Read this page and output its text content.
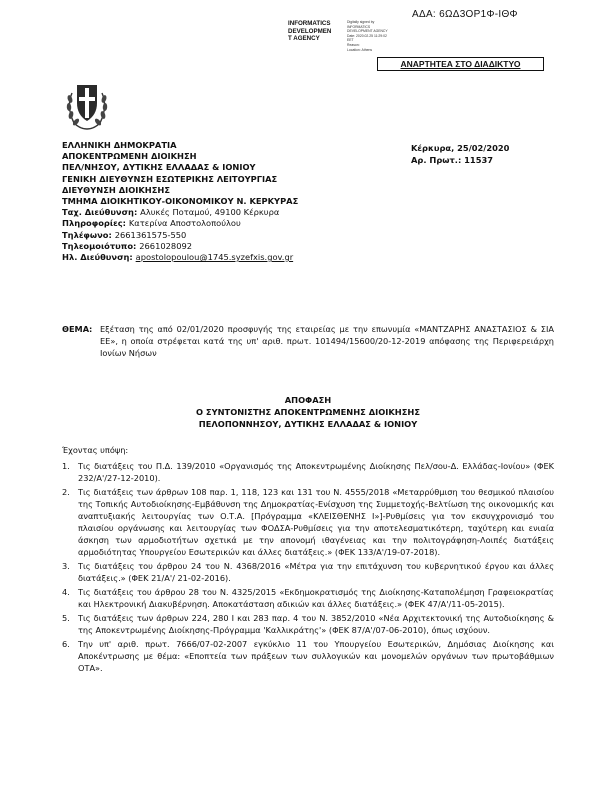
ΑΔΑ: 6ΩΔ3ΟΡ1Φ-ΙΘΦ
INFORMATICS
DEVELOPMEN
T AGENCY
Digitally signed by
INFORMATICS
DEVELOPMENT AGENCY
Date: 2020.02.25 11:29:02
EET
Reason:
Location: Athens
ΑΝΑΡΤΗΤΕΑ ΣΤΟ ΔΙΑΔΙΚΤΥΟ
ΕΛΛΗΝΙΚΗ ΔΗΜΟΚΡΑΤΙΑ
ΑΠΟΚΕΝΤΡΩΜΕΝΗ ΔΙΟΙΚΗΣΗ
ΠΕΛ/ΝΗΣΟΥ, ΔΥΤΙΚΗΣ ΕΛΛΑΔΑΣ & ΙΟΝΙΟΥ
ΓΕΝΙΚΗ ΔΙΕΥΘΥΝΣΗ ΕΣΩΤΕΡΙΚΗΣ ΛΕΙΤΟΥΡΓΙΑΣ
ΔΙΕΥΘΥΝΣΗ ΔΙΟΙΚΗΣΗΣ
ΤΜΗΜΑ ΔΙΟΙΚΗΤΙΚΟΥ-ΟΙΚΟΝΟΜΙΚΟΥ Ν. ΚΕΡΚΥΡΑΣ
Ταχ. Διεύθυνση: Αλυκές Ποταμού, 49100 Κέρκυρα
Πληροφορίες: Κατερίνα Αποστολοπούλου
Τηλέφωνο: 2661361575-550
Τηλεομοιότυπο: 2661028092
Ηλ. Διεύθυνση: apostolopoulou@1745.syzefxis.gov.gr
Κέρκυρα, 25/02/2020
Αρ. Πρωτ.: 11537
ΘΕΜΑ: Εξέταση της από 02/01/2020 προσφυγής της εταιρείας με την επωνυμία «ΜΑΝΤΖΑΡΗΣ ΑΝΑΣΤΑΣΙΟΣ & ΣΙΑ ΕΕ», η οποία στρέφεται κατά της υπ' αριθ. πρωτ. 101494/15600/20-12-2019 απόφασης της Περιφερειάρχη Ιονίων Νήσων
ΑΠΟΦΑΣΗ
Ο ΣΥΝΤΟΝΙΣΤΗΣ ΑΠΟΚΕΝΤΡΩΜΕΝΗΣ ΔΙΟΙΚΗΣΗΣ
ΠΕΛΟΠΟΝΝΗΣΟΥ, ΔΥΤΙΚΗΣ ΕΛΛΑΔΑΣ & ΙΟΝΙΟΥ
Έχοντας υπόψη:
1. Τις διατάξεις του Π.Δ. 139/2010 «Οργανισμός της Αποκεντρωμένης Διοίκησης Πελ/σου-Δ. Ελλάδας-Ιονίου» (ΦΕΚ 232/Α'/27-12-2010).
2. Τις διατάξεις των άρθρων 108 παρ. 1, 118, 123 και 131 του Ν. 4555/2018 «Μεταρρύθμιση του θεσμικού πλαισίου της Τοπικής Αυτοδιοίκησης-Εμβάθυνση της Δημοκρατίας-Ενίσχυση της Συμμετοχής-Βελτίωση της οικονομικής και αναπτυξιακής λειτουργίας των Ο.Τ.Α. [Πρόγραμμα «ΚΛΕΙΣΘΕΝΗΣ Ι»]-Ρυθμίσεις για τον εκσυγχρονισμό του πλαισίου οργάνωσης και λειτουργίας των ΦΟΔΣΑ-Ρυθμίσεις για την αποτελεσματικότερη, ταχύτερη και ενιαία άσκηση των αρμοδιοτήτων σχετικά με την απονομή ιθαγένειας και την πολιτογράφηση-Λοιπές διατάξεις αρμοδιότητας Υπουργείου Εσωτερικών και άλλες διατάξεις.» (ΦΕΚ 133/Α'/19-07-2018).
3. Τις διατάξεις του άρθρου 24 του Ν. 4368/2016 «Μέτρα για την επιτάχυνση του κυβερνητικού έργου και άλλες διατάξεις.» (ΦΕΚ 21/Α'/ 21-02-2016).
4. Τις διατάξεις του άρθρου 28 του Ν. 4325/2015 «Εκδημοκρατισμός της Διοίκησης-Καταπολέμηση Γραφειοκρατίας και Ηλεκτρονική Διακυβέρνηση. Αποκατάσταση αδικιών και άλλες διατάξεις.» (ΦΕΚ 47/Α'/11-05-2015).
5. Τις διατάξεις των άρθρων 224, 280 Ι και 283 παρ. 4 του Ν. 3852/2010 «Νέα Αρχιτεκτονική της Αυτοδιοίκησης & της Αποκεντρωμένης Διοίκησης-Πρόγραμμα 'Καλλικράτης'» (ΦΕΚ 87/Α'/07-06-2010), όπως ισχύουν.
6. Την υπ' αριθ. πρωτ. 7666/07-02-2007 εγκύκλιο 11 του Υπουργείου Εσωτερικών, Δημόσιας Διοίκησης και Αποκέντρωσης με θέμα: «Εποπτεία των πράξεων των συλλογικών και μονομελών οργάνων των πρωτοβάθμιων ΟΤΑ».
